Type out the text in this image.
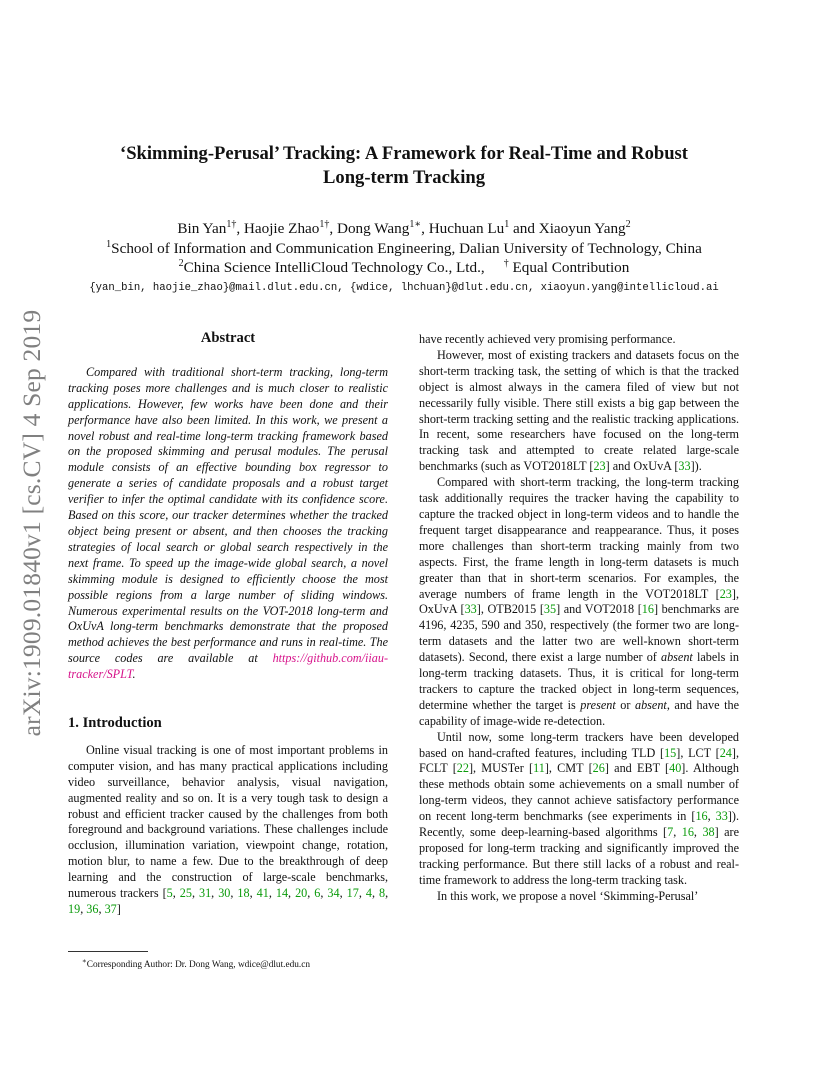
arXiv:1909.01840v1 [cs.CV] 4 Sep 2019
‘Skimming-Perusal’ Tracking: A Framework for Real-Time and Robust
Long-term Tracking
Bin Yan$^{1\dagger}$, Haojie Zhao$^{1\dagger}$, Dong Wang$^{1∗}$, Huchuan Lu$^1$ and Xiaoyun Yang$^2$
$^1$School of Information and Communication Engineering, Dalian University of Technology, China
$^2$China Science IntelliCloud Technology Co., Ltd.,     † Equal Contribution
{yan_bin, haojie_zhao}@mail.dlut.edu.cn, {wdice, lhchuan}@dlut.edu.cn, xiaoyun.yang@intellicloud.ai
Abstract

Compared with traditional short-term tracking, long-term tracking poses more challenges and is much closer to realistic applications. However, few works have been done and their performance have also been limited. In this work, we present a novel robust and real-time long-term tracking framework based on the proposed skimming and perusal modules. The perusal module consists of an effective bounding box regressor to generate a series of candidate proposals and a robust target verifier to infer the optimal candidate with its confidence score. Based on this score, our tracker determines whether the tracked object being present or absent, and then chooses the tracking strategies of local search or global search respectively in the next frame. To speed up the image-wide global search, a novel skimming module is designed to efficiently choose the most possible regions from a large number of sliding windows. Numerous experimental results on the VOT-2018 long-term and OxUvA long-term benchmarks demonstrate that the proposed method achieves the best performance and runs in real-time. The source codes are available at https://github.com/iiau-tracker/SPLT.

1. Introduction

Online visual tracking is one of most important problems in computer vision, and has many practical applications including video surveillance, behavior analysis, visual navigation, augmented reality and so on. It is a very tough task to design a robust and efficient tracker caused by the challenges from both foreground and background variations. These challenges include occlusion, illumination variation, viewpoint change, rotation, motion blur, to name a few. Due to the breakthrough of deep learning and the construction of large-scale benchmarks, numerous trackers [5, 25, 31, 30, 18, 41, 14, 20, 6, 34, 17, 4, 8, 19, 36, 37]

∗Corresponding Author: Dr. Dong Wang, wdice@dlut.edu.cn

have recently achieved very promising performance.

However, most of existing trackers and datasets focus on the short-term tracking task, the setting of which is that the tracked object is almost always in the camera filed of view but not necessarily fully visible. There still exists a big gap between the short-term tracking setting and the realistic tracking applications. In recent, some researchers have focused on the long-term tracking task and attempted to create related large-scale benchmarks (such as VOT2018LT [23] and OxUvA [33]).

Compared with short-term tracking, the long-term tracking task additionally requires the tracker having the capability to capture the tracked object in long-term videos and to handle the frequent target disappearance and reappearance. Thus, it poses more challenges than short-term tracking mainly from two aspects. First, the frame length in long-term datasets is much greater than that in short-term scenarios. For examples, the average numbers of frame length in the VOT2018LT [23], OxUvA [33], OTB2015 [35] and VOT2018 [16] benchmarks are 4196, 4235, 590 and 350, respectively (the former two are long-term datasets and the latter two are well-known short-term datasets). Second, there exist a large number of absent labels in long-term tracking datasets. Thus, it is critical for long-term trackers to capture the tracked object in long-term sequences, determine whether the target is present or absent, and have the capability of image-wide re-detection.

Until now, some long-term trackers have been developed based on hand-crafted features, including TLD [15], LCT [24], FCLT [22], MUSTer [11], CMT [26] and EBT [40]. Although these methods obtain some achievements on a small number of long-term videos, they cannot achieve satisfactory performance on recent long-term benchmarks (see experiments in [16, 33]). Recently, some deep-learning-based algorithms [7, 16, 38] are proposed for long-term tracking and significantly improved the tracking performance. But there still lacks of a robust and real-time framework to address the long-term tracking task.

In this work, we propose a novel ‘Skimming-Perusal’
